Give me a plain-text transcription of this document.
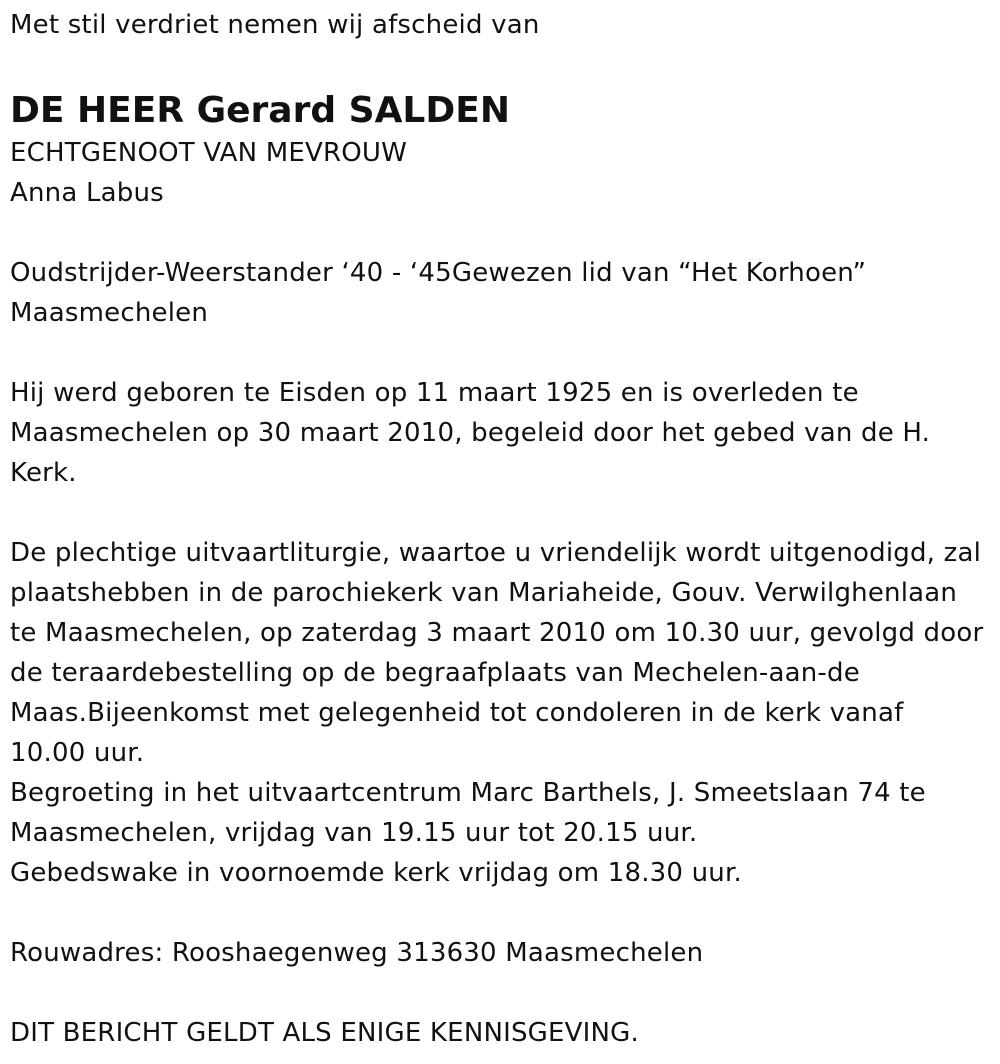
Met stil verdriet nemen wij afscheid van

DE HEER Gerard SALDEN

ECHTGENOOT VAN MEVROUW

Anna Labus

Oudstrijder-Weerstander ‘40 - ‘45Gewezen lid van “Het Korhoen”

Maasmechelen

Hij werd geboren te Eisden op 11 maart 1925 en is overleden te

Maasmechelen op 30 maart 2010, begeleid door het gebed van de H.

Kerk.

De plechtige uitvaartliturgie, waartoe u vriendelijk wordt uitgenodigd, zal

plaatshebben in de parochiekerk van Mariaheide, Gouv. Verwilghenlaan

te Maasmechelen, op zaterdag 3 maart 2010 om 10.30 uur, gevolgd door

de teraardebestelling op de begraafplaats van Mechelen-aan-de

Maas.Bijeenkomst met gelegenheid tot condoleren in de kerk vanaf

10.00 uur.

Begroeting in het uitvaartcentrum Marc Barthels, J. Smeetslaan 74 te

Maasmechelen, vrijdag van 19.15 uur tot 20.15 uur.

Gebedswake in voornoemde kerk vrijdag om 18.30 uur.

Rouwadres: Rooshaegenweg 313630 Maasmechelen

DIT BERICHT GELDT ALS ENIGE KENNISGEVING.
